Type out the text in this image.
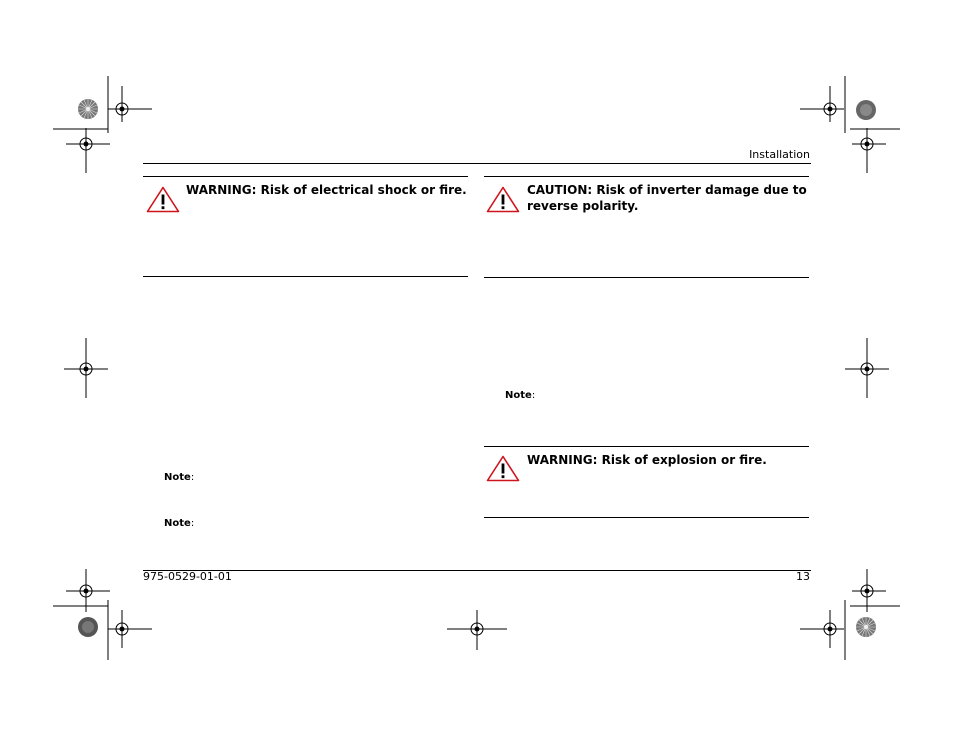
Installation
WARNING: Risk of electrical shock or fire.
Note:
Note:
CAUTION: Risk of inverter damage due to
reverse polarity.
Note:
WARNING: Risk of explosion or fire.
975-0529-01-01	13
